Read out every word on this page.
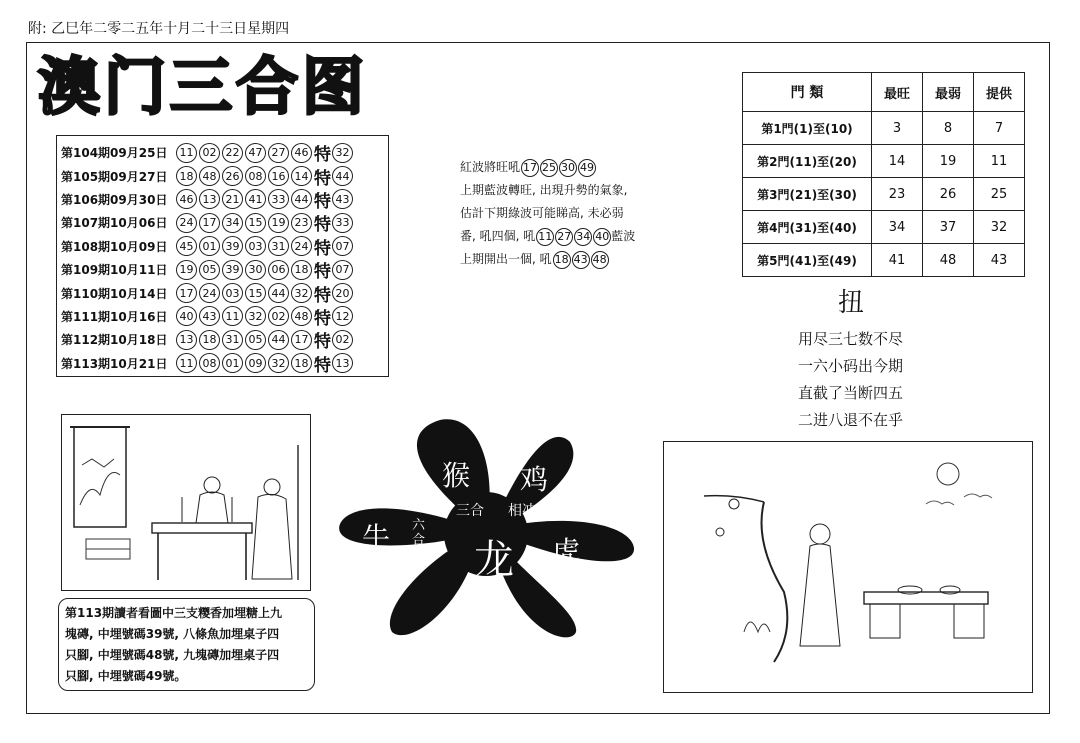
附: 乙巳年二零二五年十月二十三日星期四
澳门三合图
第104期09月25日	11 02 22 47 27 46 特 32
第105期09月27日	18 48 26 08 16 14 特 44
第106期09月30日	46 13 21 41 33 44 特 43
第107期10月06日	24 17 34 15 19 23 特 33
第108期10月09日	45 01 39 03 31 24 特 07
第109期10月11日	19 05 39 30 06 18 特 07
第110期10月14日	17 24 03 15 44 32 特 20
第111期10月16日	40 43 11 32 02 48 特 12
第112期10月18日	13 18 31 05 44 17 特 02
第113期10月21日	11 08 01 09 32 18 特 13
紅波將旺吼 17 25 30 49
上期藍波轉旺, 出現升勢的氣象,
估計下期綠波可能睇高, 未必弱
番, 吼四個, 吼 11 27 34 40 藍波
上期開出一個, 吼 18 43 48
門 類	最旺	最弱	提供
第1門(1)至(10)	3	8	7
第2門(11)至(20)	14	19	11
第3門(21)至(30)	23	26	25
第4門(31)至(40)	34	37	32
第5門(41)至(49)	41	48	43
扭
用尽三七数不尽
一六小码出今期
直截了当断四五
二进八退不在乎
第113期讀者看圖中三支糭香加埋糖上九
塊磚, 中埋號碼39號, 八條魚加埋桌子四
只腳, 中埋號碼48號, 九塊磚加埋桌子四
只腳, 中埋號碼49號。
猴 鸡
三合 相冲
牛 六合 龙 虎
